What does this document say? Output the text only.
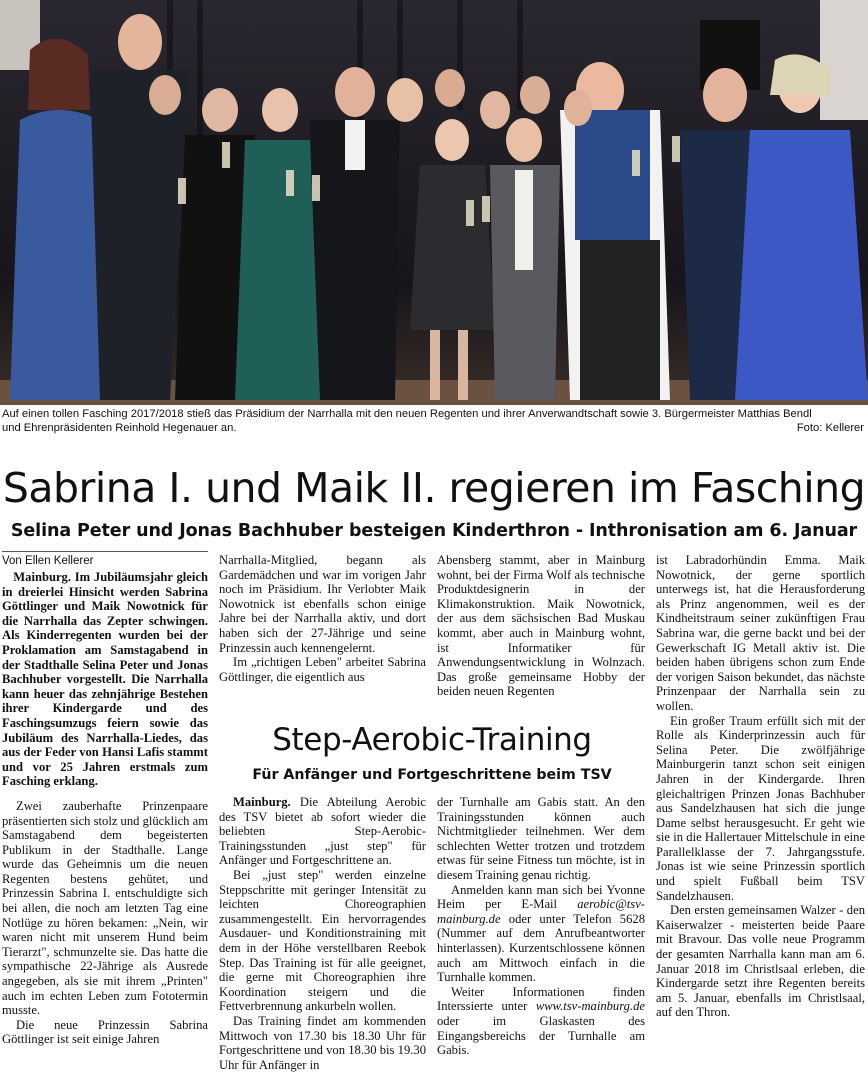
Auf einen tollen Fasching 2017/2018 stieß das Präsidium der Narrhalla mit den neuen Regenten und ihrer Anverwandtschaft sowie 3. Bürgermeister Matthias Bendl
und Ehrenpräsidenten Reinhold Hegenauer an.	Foto: Kellerer
Sabrina I. und Maik II. regieren im Fasching
Selina Peter und Jonas Bachhuber besteigen Kinderthron - Inthronisation am 6. Januar
Von Ellen Kellerer

Mainburg. Im Jubiläumsjahr gleich in dreierlei Hinsicht werden Sabrina Göttlinger und Maik Nowotnick für die Narrhalla das Zepter schwingen. Als Kinderregenten wurden bei der Proklamation am Samstagabend in der Stadthalle Selina Peter und Jonas Bachhuber vorgestellt. Die Narrhalla kann heuer das zehnjährige Bestehen ihrer Kindergarde und des Faschingsumzugs feiern sowie das Jubiläum des Narrhalla-Liedes, das aus der Feder von Hansi Lafis stammt und vor 25 Jahren erstmals zum Fasching erklang.

Zwei zauberhafte Prinzenpaare präsentierten sich stolz und glücklich am Samstagabend dem begeisterten Publikum in der Stadthalle. Lange wurde das Geheimnis um die neuen Regenten bestens gehütet, und Prinzessin Sabrina I. entschuldigte sich bei allen, die noch am letzten Tag eine Notlüge zu hören bekamen: „Nein, wir waren nicht mit unserem Hund beim Tierarzt", schmunzelte sie. Das hatte die sympathische 22-Jährige als Ausrede angegeben, als sie mit ihrem „Printen" auch im echten Leben zum Fototermin musste.

Die neue Prinzessin Sabrina Göttlinger ist seit einige Jahren

Narrhalla-Mitglied, begann als Gardemädchen und war im vorigen Jahr noch im Präsidium. Ihr Verlobter Maik Nowotnick ist ebenfalls schon einige Jahre bei der Narrhalla aktiv, und dort haben sich der 27-Jährige und seine Prinzessin auch kennengelernt.

Im „richtigen Leben" arbeitet Sabrina Göttlinger, die eigentlich aus

Abensberg stammt, aber in Mainburg wohnt, bei der Firma Wolf als technische Produktdesignerin in der Klimakonstruktion. Maik Nowotnick, der aus dem sächsischen Bad Muskau kommt, aber auch in Mainburg wohnt, ist Informatiker für Anwendungsentwicklung in Wolnzach. Das große gemeinsame Hobby der beiden neuen Regenten

ist Labradorhündin Emma. Maik Nowotnick, der gerne sportlich unterwegs ist, hat die Herausforderung als Prinz angenommen, weil es der Kindheitstraum seiner zukünftigen Frau Sabrina war, die gerne backt und bei der Gewerkschaft IG Metall aktiv ist. Die beiden haben übrigens schon zum Ende der vorigen Saison bekundet, das nächste Prinzenpaar der Narrhalla sein zu wollen.

Ein großer Traum erfüllt sich mit der Rolle als Kinderprinzessin auch für Selina Peter. Die zwölfjährige Mainburgerin tanzt schon seit einigen Jahren in der Kindergarde. Ihren gleichaltrigen Prinzen Jonas Bachhuber aus Sandelzhausen hat sich die junge Dame selbst herausgesucht. Er geht wie sie in die Hallertauer Mittelschule in eine Parallelklasse der 7. Jahrgangsstufe. Jonas ist wie seine Prinzessin sportlich und spielt Fußball beim TSV Sandelzhausen.

Den ersten gemeinsamen Walzer - den Kaiserwalzer - meisterten beide Paare mit Bravour. Das volle neue Programm der gesamten Narrhalla kann man am 6. Januar 2018 im Christlsaal erleben, die Kindergarde setzt ihre Regenten bereits am 5. Januar, ebenfalls im Christlsaal, auf den Thron.

Step-Aerobic-Training
Für Anfänger und Fortgeschrittene beim TSV

Mainburg. Die Abteilung Aerobic des TSV bietet ab sofort wieder die beliebten Step-Aerobic-Trainingsstunden „just step" für Anfänger und Fortgeschrittene an.

Bei „just step" werden einzelne Steppschritte mit geringer Intensität zu leichten Choreographien zusammengestellt. Ein hervorragendes Ausdauer- und Konditionstraining mit dem in der Höhe verstellbaren Reebok Step. Das Training ist für alle geeignet, die gerne mit Choreographien ihre Koordination steigern und die Fettverbrennung ankurbeln wollen.

Das Training findet am kommenden Mittwoch von 17.30 bis 18.30 Uhr für Fortgeschrittene und von 18.30 bis 19.30 Uhr für Anfänger in

der Turnhalle am Gabis statt. An den Trainingsstunden können auch Nichtmitglieder teilnehmen. Wer dem schlechten Wetter trotzen und trotzdem etwas für seine Fitness tun möchte, ist in diesem Training genau richtig.

Anmelden kann man sich bei Yvonne Heim per E-Mail aerobic@tsv-mainburg.de oder unter Telefon 5628 (Nummer auf dem Anrufbeantworter hinterlassen). Kurzentschlossene können auch am Mittwoch einfach in die Turnhalle kommen.

Weiter Informationen finden Interssierte unter www.tsv-mainburg.de oder im Glaskasten des Eingangsbereichs der Turnhalle am Gabis.
